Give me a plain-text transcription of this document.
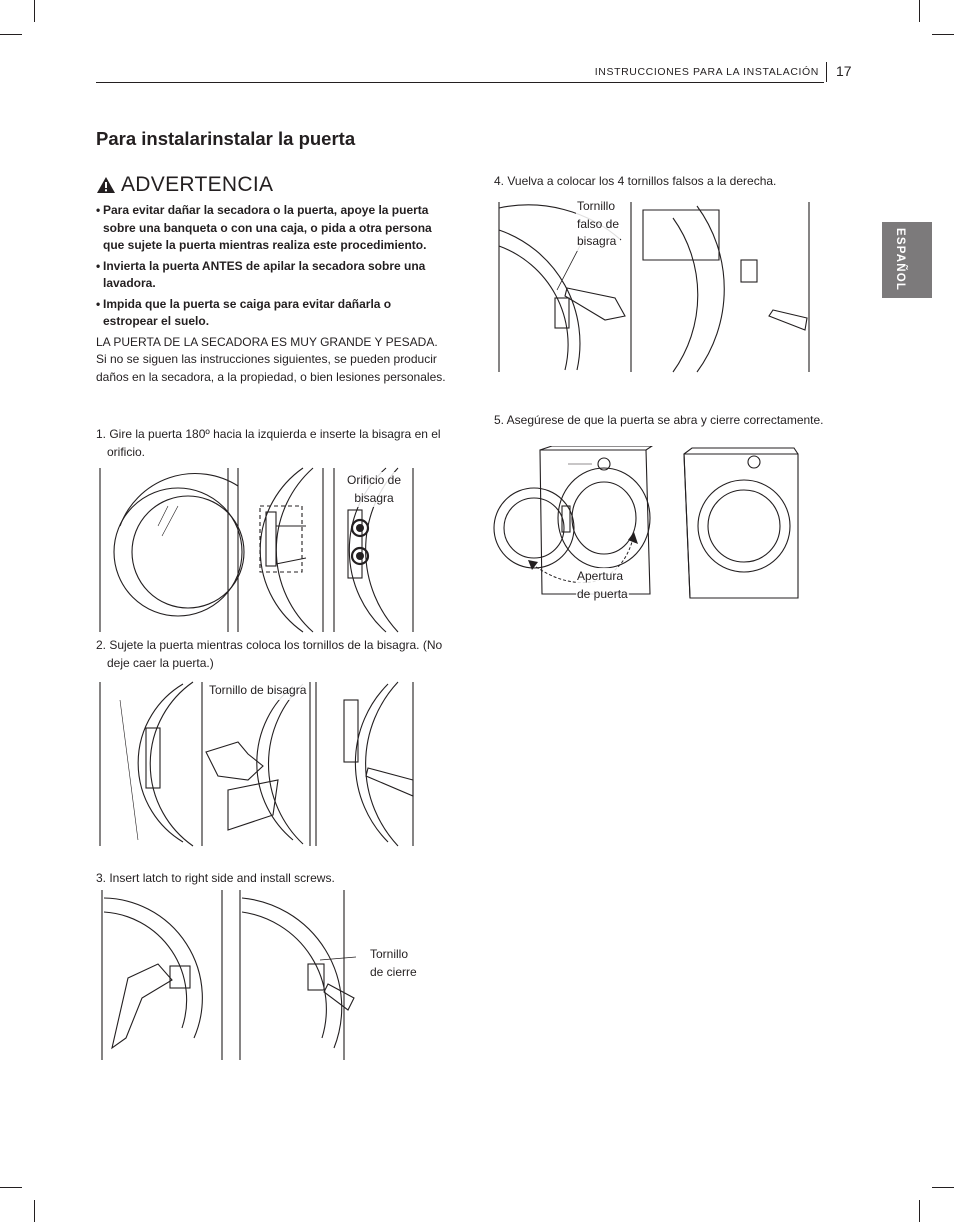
INSTRUCCIONES PARA LA INSTALACIÓN 17
ESPAÑOL
Para instalarinstalar la puerta
ADVERTENCIA
• Para evitar dañar la secadora o la puerta, apoye la puerta sobre una banqueta o con una caja, o pida a otra persona que sujete la puerta mientras realiza este procedimiento.
• Invierta la puerta ANTES de apilar la secadora sobre una lavadora.
• Impida que la puerta se caiga para evitar dañarla o estropear el suelo.

LA PUERTA DE LA SECADORA ES MUY GRANDE Y PESADA.
Si no se siguen las instrucciones siguientes, se pueden producir daños en la secadora, a la propiedad, o bien lesiones personales.

1. Gire la puerta 180º hacia la izquierda e inserte la bisagra en el orificio.

Orificio de
bisagra

2. Sujete la puerta mientras coloca los tornillos de la bisagra. (No deje caer la puerta.)

Tornillo de bisagra

3. Insert latch to right side and install screws.

Tornillo
de cierre

4. Vuelva a colocar los 4 tornillos falsos a la derecha.

Tornillo
falso de
bisagra

5. Asegúrese de que la puerta se abra y cierre correctamente.

Apertura
de puerta
